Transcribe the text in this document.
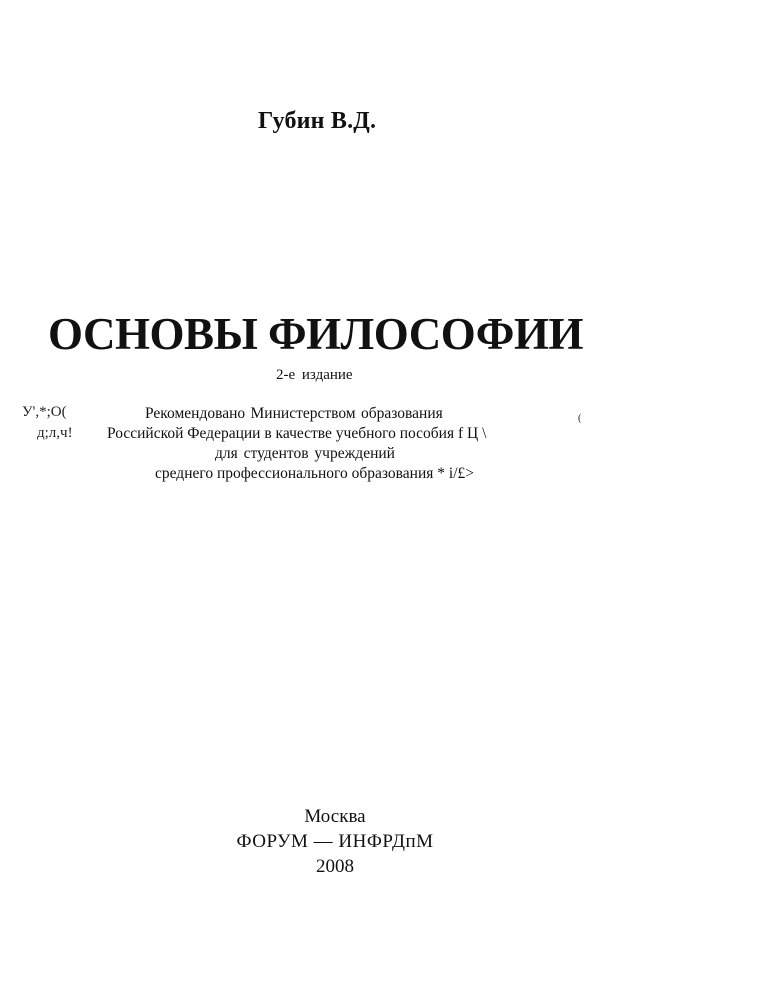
Губин В.Д.
ОСНОВЫ ФИЛОСОФИИ
2-е издание
У',*;О(
д;л,ч!
(
Рекомендовано Министерством образования
Российской Федерации в качестве учебного пособия f Ц \
для студентов учреждений
среднего профессионального образования * i/£>
Москва
ФОРУМ — ИНФРДпМ
2008
